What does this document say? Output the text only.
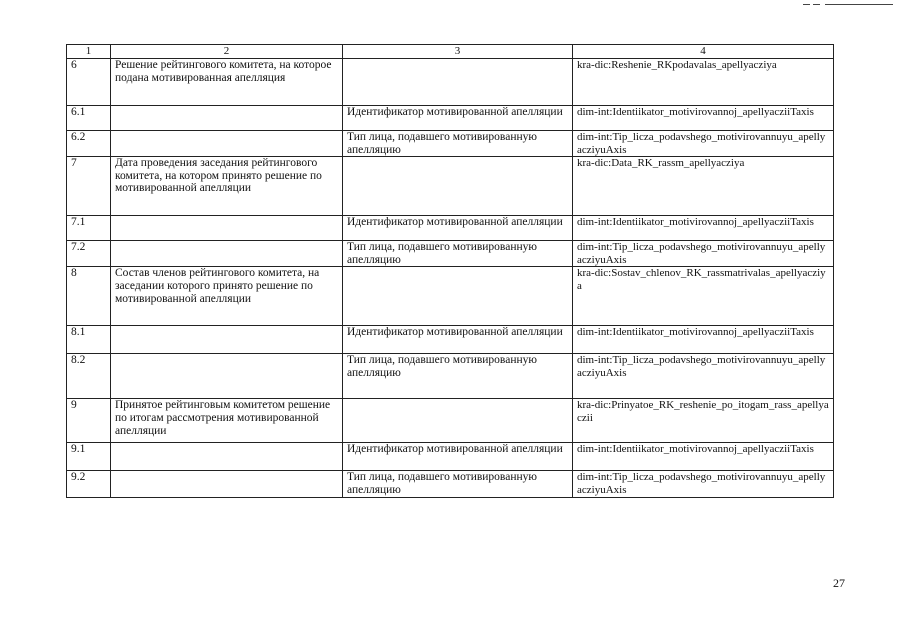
1	2	3	4
6	Решение рейтингового комитета, на которое подана мотивированная апелляция		kra-dic:Reshenie_RKpodavalas_apellyacziya
6.1		Идентификатор мотивированной апелляции	dim-int:Identiikator_motivirovannoj_apellyacziiTaxis
6.2		Тип лица, подавшего мотивированную апелляцию	dim-int:Tip_licza_podavshego_motivirovannuyu_apellyacziyuAxis
7	Дата проведения заседания рейтингового комитета, на котором принято решение по мотивированной апелляции		kra-dic:Data_RK_rassm_apellyacziya
7.1		Идентификатор мотивированной апелляции	dim-int:Identiikator_motivirovannoj_apellyacziiTaxis
7.2		Тип лица, подавшего мотивированную апелляцию	dim-int:Tip_licza_podavshego_motivirovannuyu_apellyacziyuAxis
8	Состав членов рейтингового комитета, на заседании которого принято решение по мотивированной апелляции		kra-dic:Sostav_chlenov_RK_rassmatrivalas_apellyacziya
8.1		Идентификатор мотивированной апелляции	dim-int:Identiikator_motivirovannoj_apellyacziiTaxis
8.2		Тип лица, подавшего мотивированную апелляцию	dim-int:Tip_licza_podavshego_motivirovannuyu_apellyacziyuAxis
9	Принятое рейтинговым комитетом решение по итогам рассмотрения мотивированной апелляции		kra-dic:Prinyatoe_RK_reshenie_po_itogam_rass_apellyaczii
9.1		Идентификатор мотивированной апелляции	dim-int:Identiikator_motivirovannoj_apellyacziiTaxis
9.2		Тип лица, подавшего мотивированную апелляцию	dim-int:Tip_licza_podavshego_motivirovannuyu_apellyacziyuAxis
27
